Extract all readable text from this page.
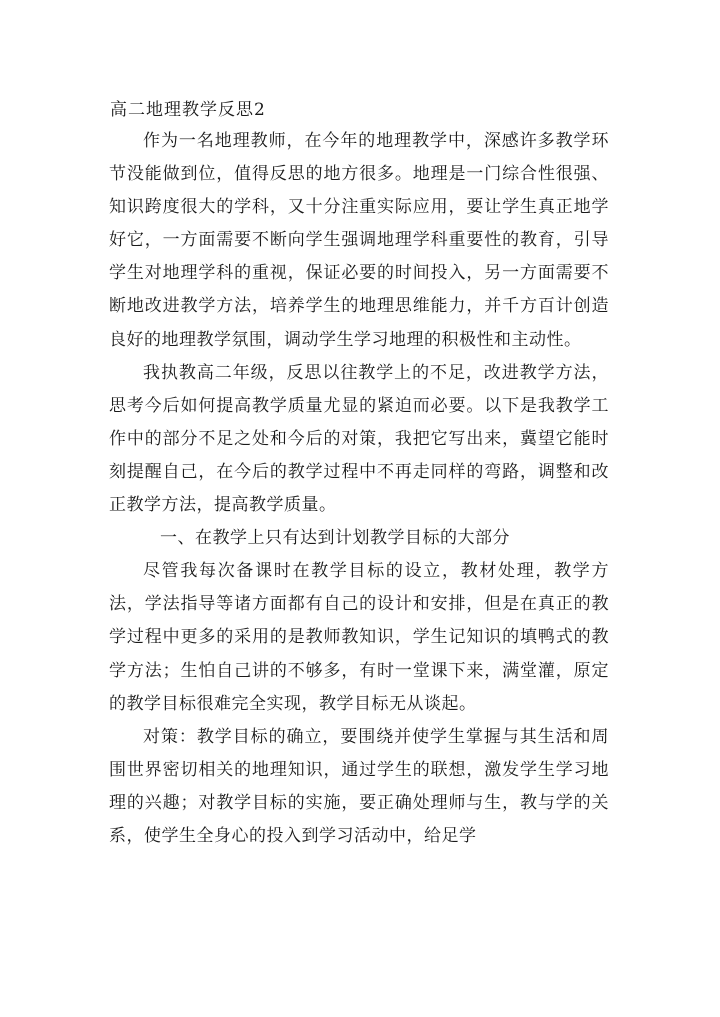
高二地理教学反思2

作为一名地理教师，在今年的地理教学中，深感许多教学环节没能做到位，值得反思的地方很多。地理是一门综合性很强、知识跨度很大的学科，又十分注重实际应用，要让学生真正地学好它，一方面需要不断向学生强调地理学科重要性的教育，引导学生对地理学科的重视，保证必要的时间投入，另一方面需要不断地改进教学方法，培养学生的地理思维能力，并千方百计创造良好的地理教学氛围，调动学生学习地理的积极性和主动性。

我执教高二年级，反思以往教学上的不足，改进教学方法，思考今后如何提高教学质量尤显的紧迫而必要。以下是我教学工作中的部分不足之处和今后的对策，我把它写出来，冀望它能时刻提醒自己，在今后的教学过程中不再走同样的弯路，调整和改正教学方法，提高教学质量。

一、在教学上只有达到计划教学目标的大部分

尽管我每次备课时在教学目标的设立，教材处理，教学方法，学法指导等诸方面都有自己的设计和安排，但是在真正的教学过程中更多的采用的是教师教知识，学生记知识的填鸭式的教学方法；生怕自己讲的不够多，有时一堂课下来，满堂灌，原定的教学目标很难完全实现，教学目标无从谈起。

对策：教学目标的确立，要围绕并使学生掌握与其生活和周围世界密切相关的地理知识，通过学生的联想，激发学生学习地理的兴趣；对教学目标的实施，要正确处理师与生，教与学的关系，使学生全身心的投入到学习活动中，给足学
